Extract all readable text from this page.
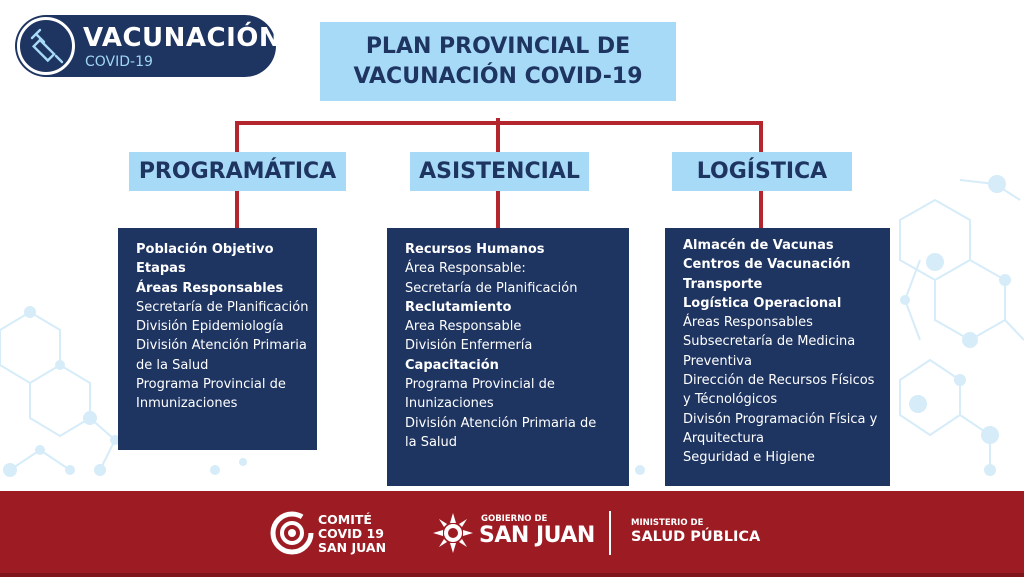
VACUNACIÓN
COVID-19
PLAN PROVINCIAL DE
VACUNACIÓN COVID-19
PROGRAMÁTICA	ASISTENCIAL	LOGÍSTICA
Población Objetivo
Etapas
Áreas Responsables
Secretaría de Planificación
División Epidemiología
División Atención Primaria
de la Salud
Programa Provincial de
Inmunizaciones
Recursos Humanos
Área Responsable:
Secretaría de Planificación
Reclutamiento
Area Responsable
División Enfermería
Capacitación
Programa Provincial de
Inunizaciones
División Atención Primaria de
la Salud
Almacén de Vacunas
Centros de Vacunación
Transporte
Logística Operacional
Áreas Responsables
Subsecretaría de Medicina
Preventiva
Dirección de Recursos Físicos
y Técnológicos
Divisón Programación Física y
Arquitectura
Seguridad e Higiene
COMITÉ
COVID 19
SAN JUAN
GOBIERNO DE
SAN JUAN	MINISTERIO DE
SALUD PÚBLICA
